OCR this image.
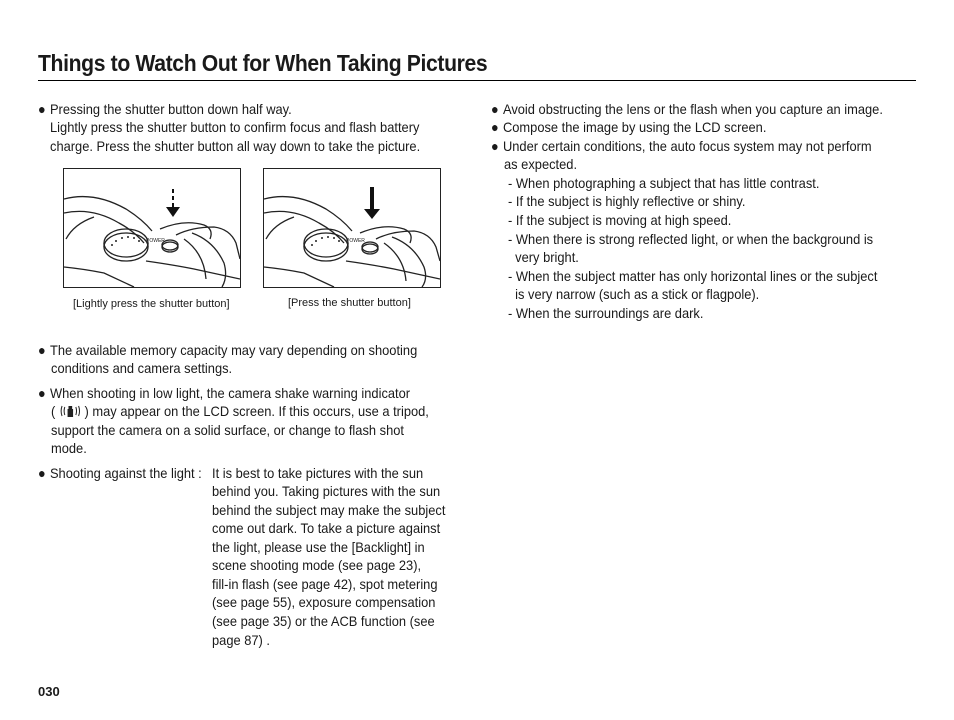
Things to Watch Out for When Taking Pictures
● Pressing the shutter button down half way.
Lightly press the shutter button to confirm focus and flash battery
charge. Press the shutter button all way down to take the picture.
POWER
[Lightly press the shutter button]
POWER
[Press the shutter button]
● The available memory capacity may vary depending on shooting
conditions and camera settings.
● When shooting in low light, the camera shake warning indicator
( ) may appear on the LCD screen. If this occurs, use a tripod,
support the camera on a solid surface, or change to flash shot
mode.
● Shooting against the light : It is best to take pictures with the sun
behind you. Taking pictures with the sun
behind the subject may make the subject
come out dark. To take a picture against
the light, please use the [Backlight] in
scene shooting mode (see page 23),
fill-in flash (see page 42), spot metering
(see page 55), exposure compensation
(see page 35) or the ACB function (see
page 87) .
● Avoid obstructing the lens or the flash when you capture an image.
● Compose the image by using the LCD screen.
● Under certain conditions, the auto focus system may not perform
as expected.
- When photographing a subject that has little contrast.
- If the subject is highly reflective or shiny.
- If the subject is moving at high speed.
- When there is strong reflected light, or when the background is
very bright.
- When the subject matter has only horizontal lines or the subject
is very narrow (such as a stick or flagpole).
- When the surroundings are dark.
030
